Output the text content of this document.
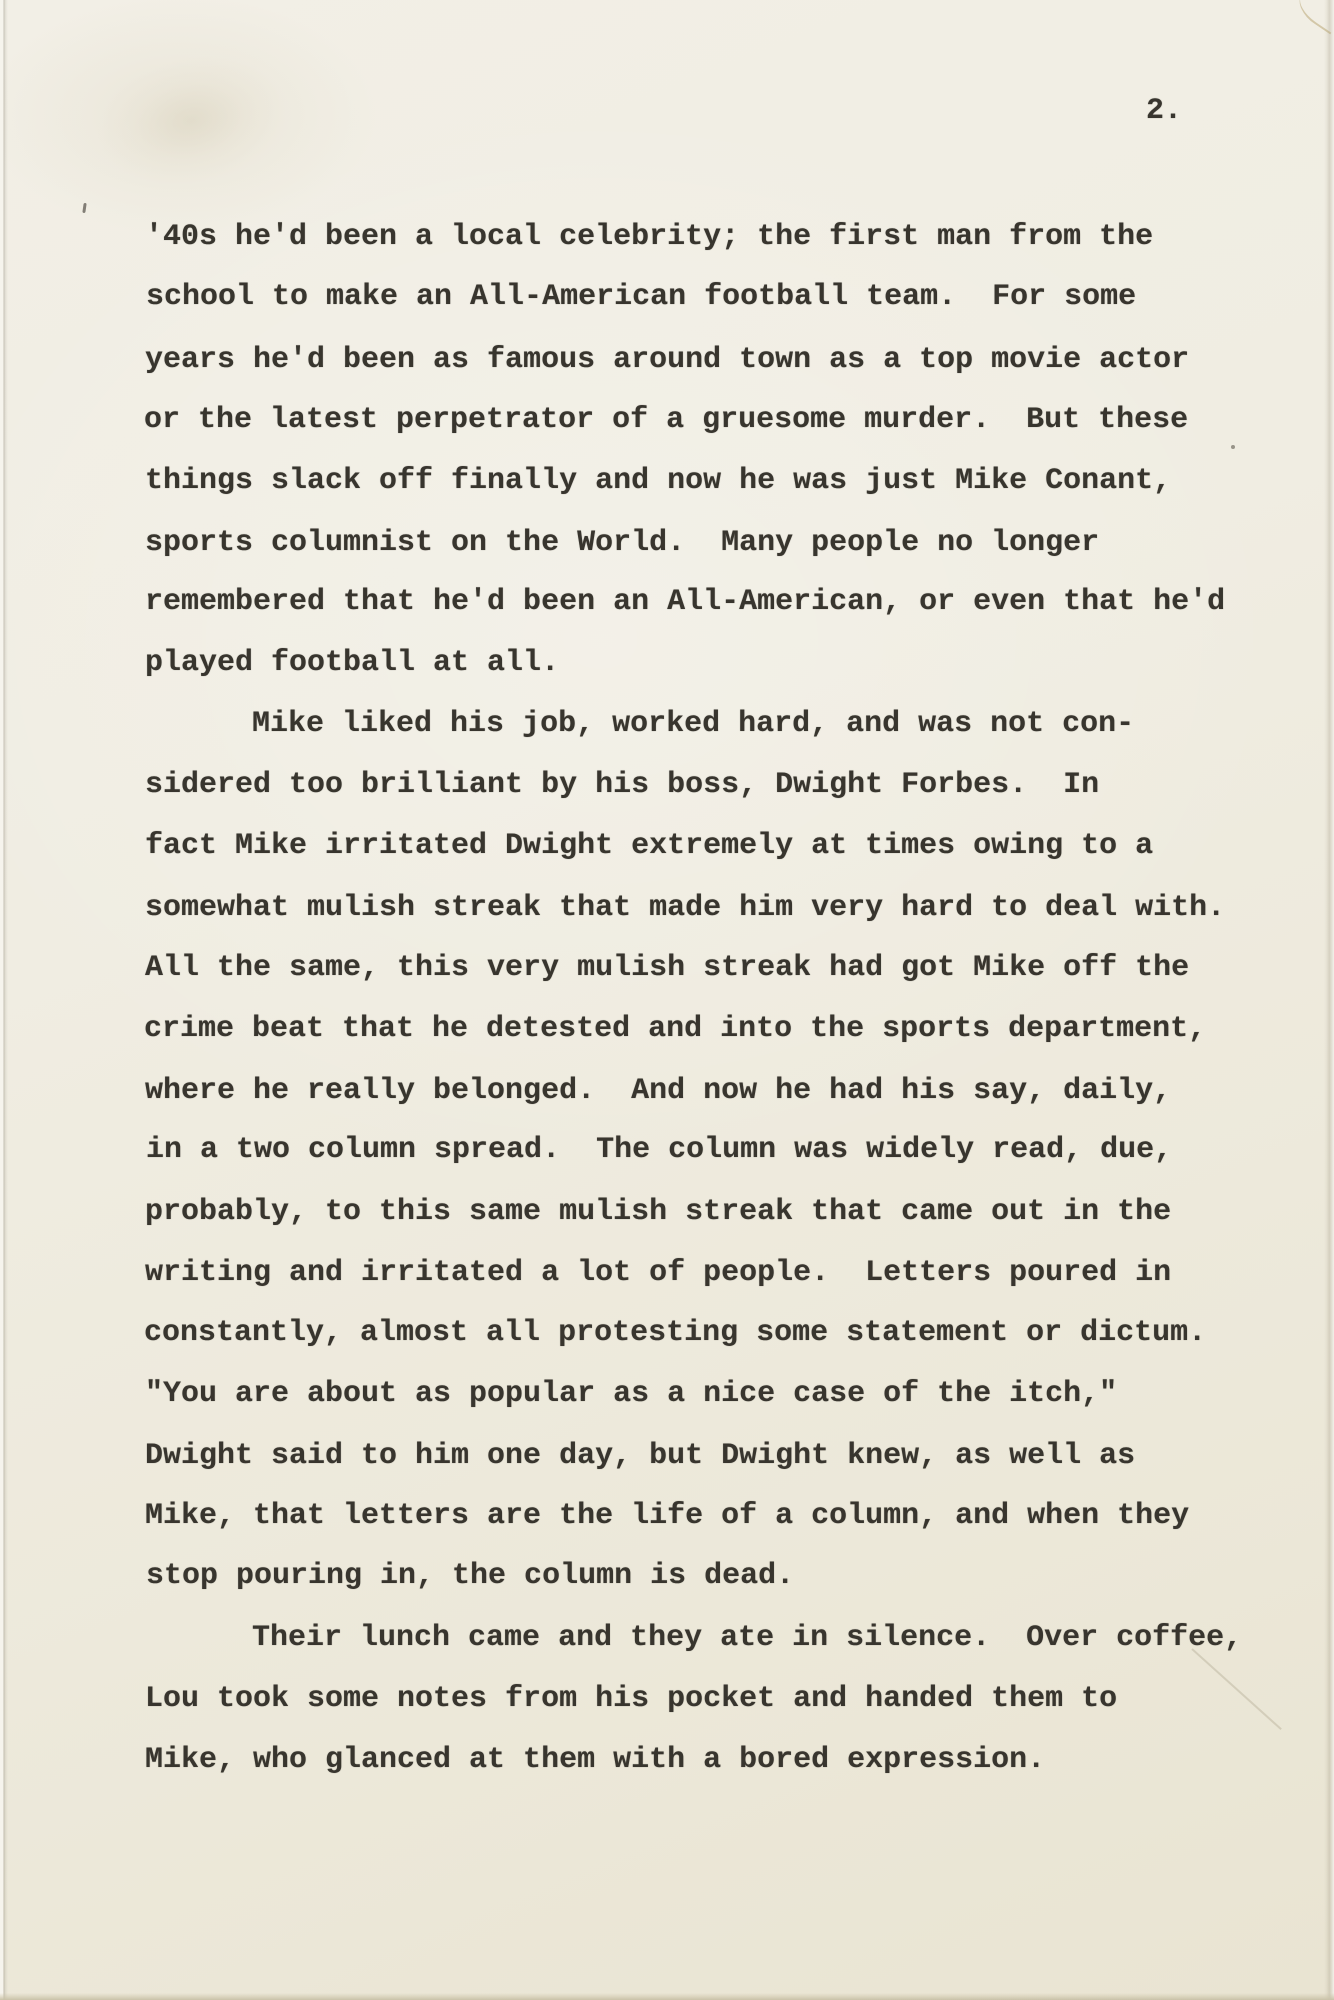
2.
'40s he'd been a local celebrity; the first man from the
school to make an All-American football team.  For some
years he'd been as famous around town as a top movie actor
or the latest perpetrator of a gruesome murder.  But these
things slack off finally and now he was just Mike Conant,
sports columnist on the World.  Many people no longer
remembered that he'd been an All-American, or even that he'd
played football at all.
Mike liked his job, worked hard, and was not con-
sidered too brilliant by his boss, Dwight Forbes.  In
fact Mike irritated Dwight extremely at times owing to a
somewhat mulish streak that made him very hard to deal with.
All the same, this very mulish streak had got Mike off the
crime beat that he detested and into the sports department,
where he really belonged.  And now he had his say, daily,
in a two column spread.  The column was widely read, due,
probably, to this same mulish streak that came out in the
writing and irritated a lot of people.  Letters poured in
constantly, almost all protesting some statement or dictum.
"You are about as popular as a nice case of the itch,"
Dwight said to him one day, but Dwight knew, as well as
Mike, that letters are the life of a column, and when they
stop pouring in, the column is dead.
Their lunch came and they ate in silence.  Over coffee,
Lou took some notes from his pocket and handed them to
Mike, who glanced at them with a bored expression.
